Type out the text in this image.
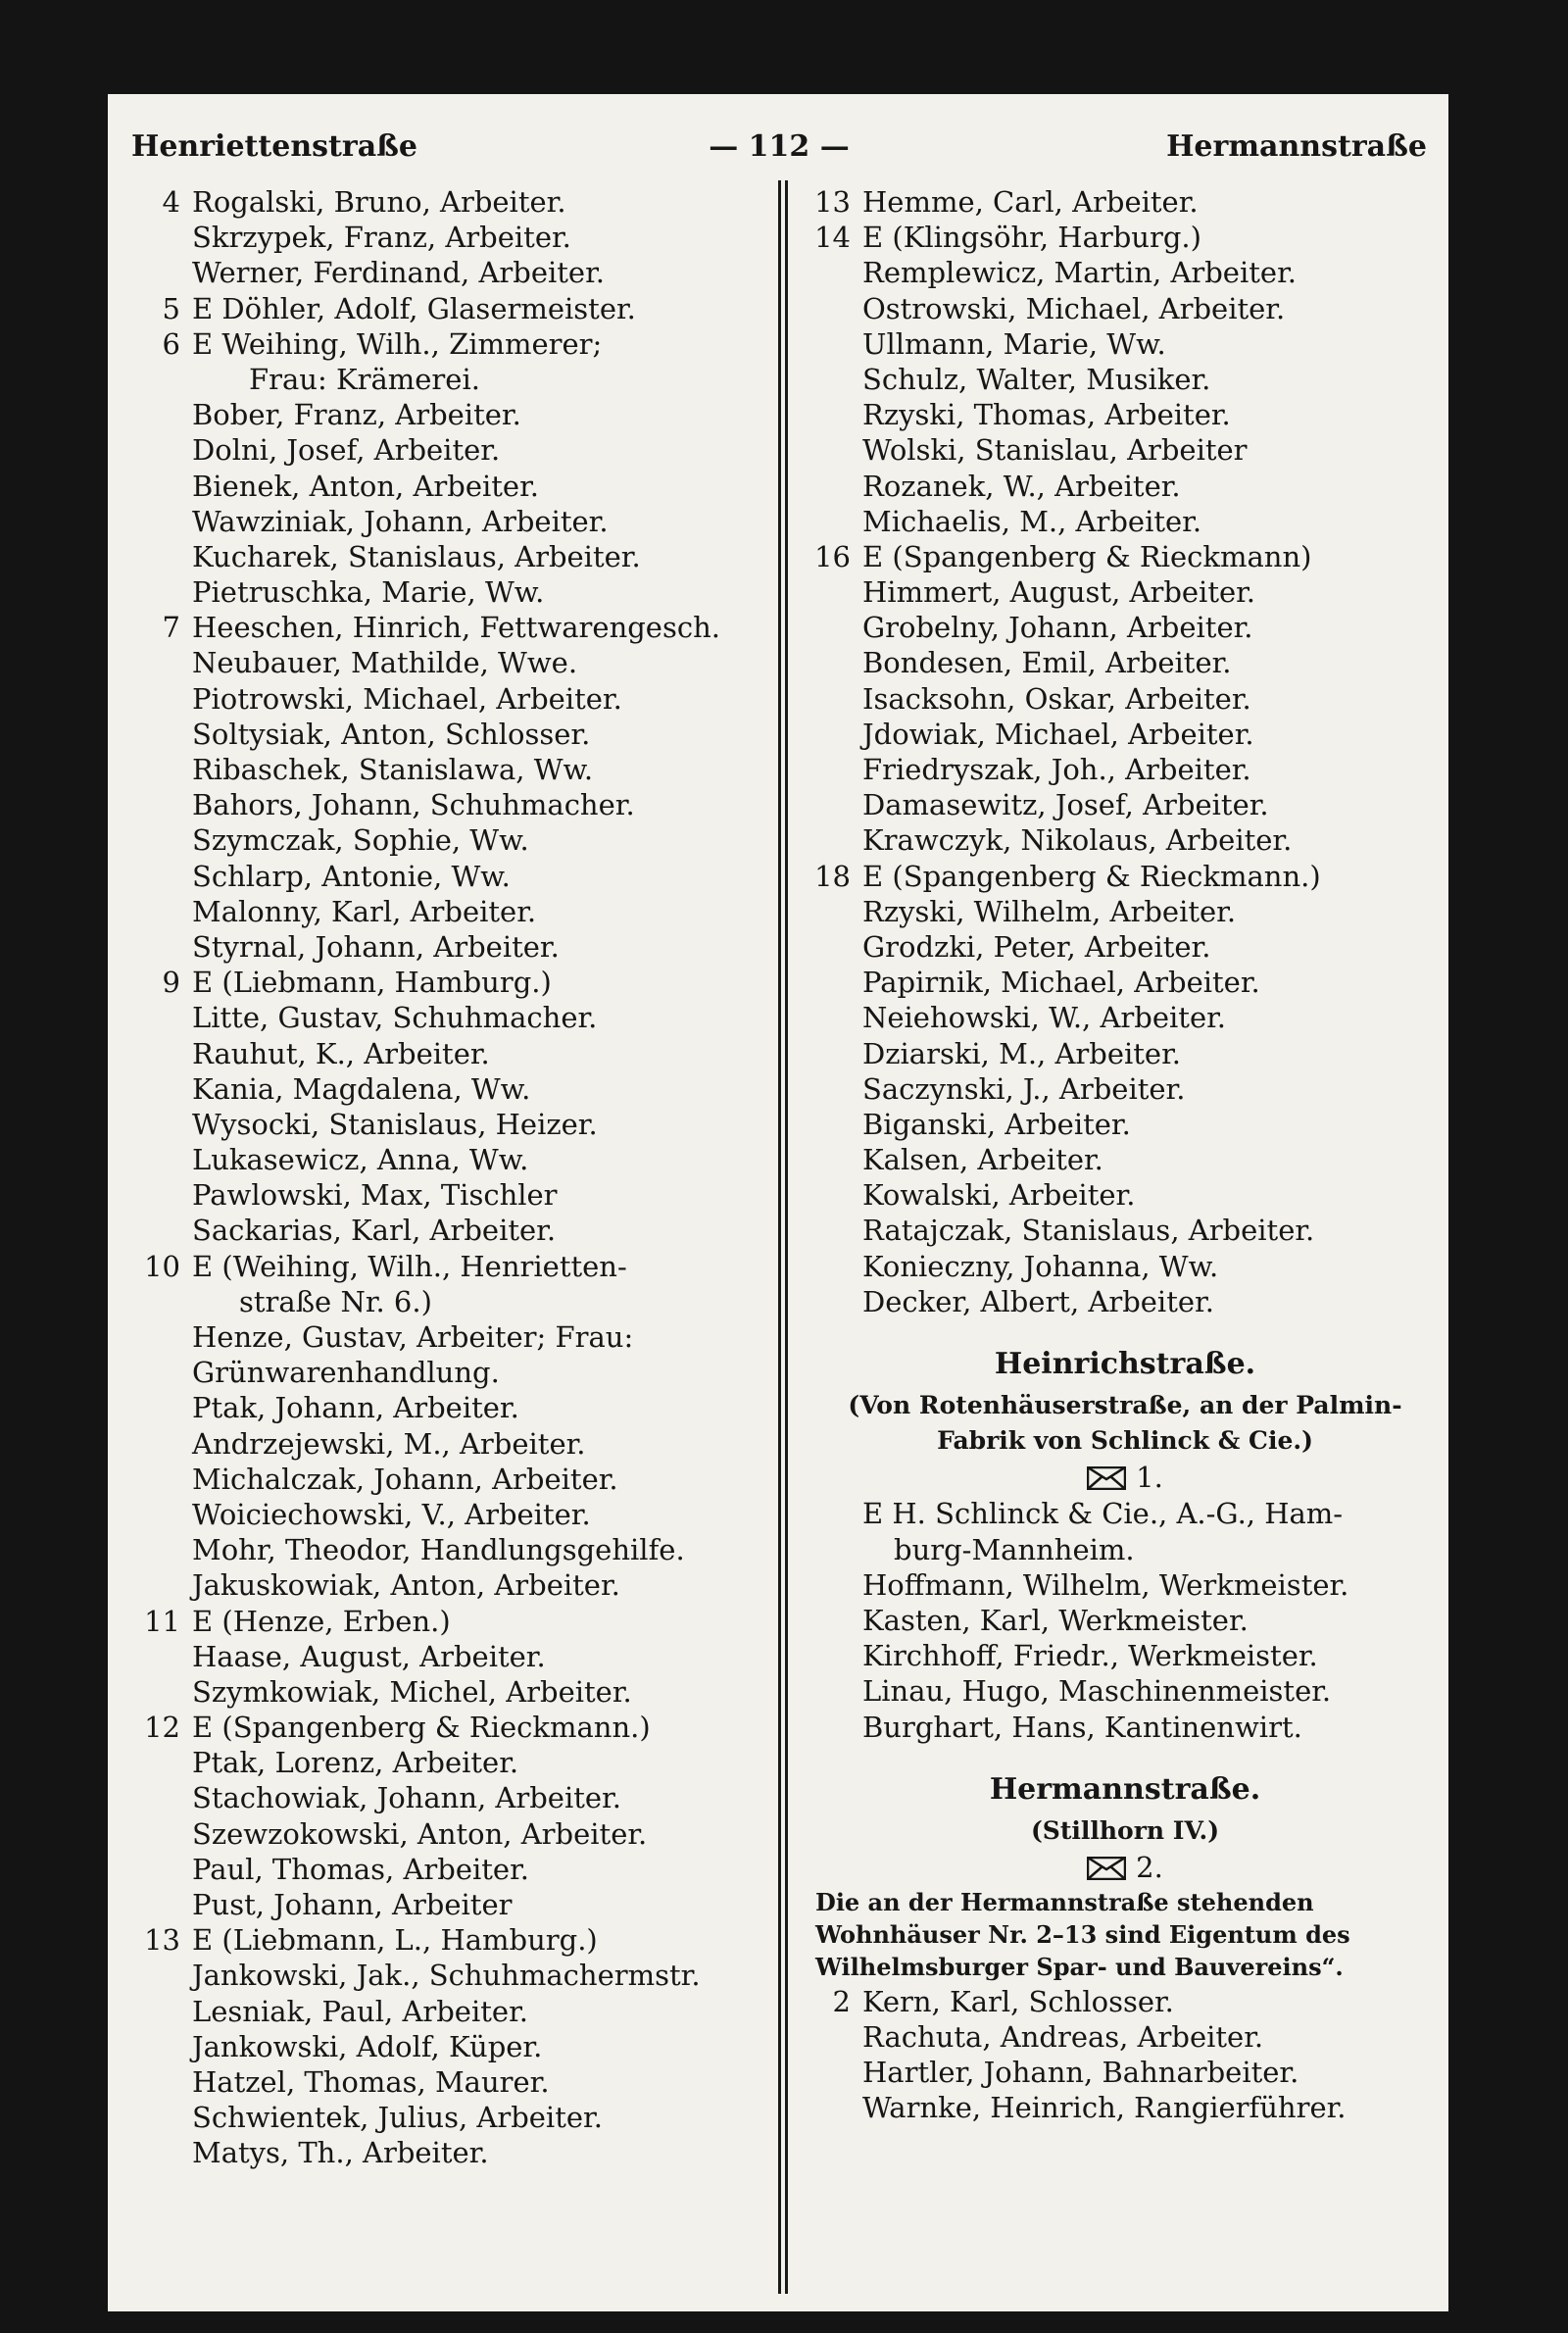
Henriettenstraße	— 112 —	Hermannstraße
4 Rogalski, Bruno, Arbeiter.
Skrzypek, Franz, Arbeiter.
Werner, Ferdinand, Arbeiter.
5 E Döhler, Adolf, Glasermeister.
6 E Weihing, Wilh., Zimmerer;
Frau: Krämerei.
Bober, Franz, Arbeiter.
Dolni, Josef, Arbeiter.
Bienek, Anton, Arbeiter.
Wawziniak, Johann, Arbeiter.
Kucharek, Stanislaus, Arbeiter.
Pietruschka, Marie, Ww.
7 Heeschen, Hinrich, Fettwarengesch.
Neubauer, Mathilde, Wwe.
Piotrowski, Michael, Arbeiter.
Soltysiak, Anton, Schlosser.
Ribaschek, Stanislawa, Ww.
Bahors, Johann, Schuhmacher.
Szymczak, Sophie, Ww.
Schlarp, Antonie, Ww.
Malonny, Karl, Arbeiter.
Styrnal, Johann, Arbeiter.
9 E (Liebmann, Hamburg.)
Litte, Gustav, Schuhmacher.
Rauhut, K., Arbeiter.
Kania, Magdalena, Ww.
Wysocki, Stanislaus, Heizer.
Lukasewicz, Anna, Ww.
Pawlowski, Max, Tischler
Sackarias, Karl, Arbeiter.
10 E (Weihing, Wilh., Henrietten-
straße Nr. 6.)
Henze, Gustav, Arbeiter; Frau:
Grünwarenhandlung.
Ptak, Johann, Arbeiter.
Andrzejewski, M., Arbeiter.
Michalczak, Johann, Arbeiter.
Woiciechowski, V., Arbeiter.
Mohr, Theodor, Handlungsgehilfe.
Jakuskowiak, Anton, Arbeiter.
11 E (Henze, Erben.)
Haase, August, Arbeiter.
Szymkowiak, Michel, Arbeiter.
12 E (Spangenberg & Rieckmann.)
Ptak, Lorenz, Arbeiter.
Stachowiak, Johann, Arbeiter.
Szewzokowski, Anton, Arbeiter.
Paul, Thomas, Arbeiter.
Pust, Johann, Arbeiter
13 E (Liebmann, L., Hamburg.)
Jankowski, Jak., Schuhmachermstr.
Lesniak, Paul, Arbeiter.
Jankowski, Adolf, Küper.
Hatzel, Thomas, Maurer.
Schwientek, Julius, Arbeiter.
Matys, Th., Arbeiter.
13 Hemme, Carl, Arbeiter.
14 E (Klingsöhr, Harburg.)
Remplewicz, Martin, Arbeiter.
Ostrowski, Michael, Arbeiter.
Ullmann, Marie, Ww.
Schulz, Walter, Musiker.
Rzyski, Thomas, Arbeiter.
Wolski, Stanislau, Arbeiter
Rozanek, W., Arbeiter.
Michaelis, M., Arbeiter.
16 E (Spangenberg & Rieckmann)
Himmert, August, Arbeiter.
Grobelny, Johann, Arbeiter.
Bondesen, Emil, Arbeiter.
Isacksohn, Oskar, Arbeiter.
Jdowiak, Michael, Arbeiter.
Friedryszak, Joh., Arbeiter.
Damasewitz, Josef, Arbeiter.
Krawczyk, Nikolaus, Arbeiter.
18 E (Spangenberg & Rieckmann.)
Rzyski, Wilhelm, Arbeiter.
Grodzki, Peter, Arbeiter.
Papirnik, Michael, Arbeiter.
Neiehowski, W., Arbeiter.
Dziarski, M., Arbeiter.
Saczynski, J., Arbeiter.
Biganski, Arbeiter.
Kalsen, Arbeiter.
Kowalski, Arbeiter.
Ratajczak, Stanislaus, Arbeiter.
Konieczny, Johanna, Ww.
Decker, Albert, Arbeiter.
Heinrichstraße.
(Von Rotenhäuserstraße, an der Palmin-
Fabrik von Schlinck & Cie.)
1.
E H. Schlinck & Cie., A.-G., Ham-
burg-Mannheim.
Hoffmann, Wilhelm, Werkmeister.
Kasten, Karl, Werkmeister.
Kirchhoff, Friedr., Werkmeister.
Linau, Hugo, Maschinenmeister.
Burghart, Hans, Kantinenwirt.
Hermannstraße.
(Stillhorn IV.)
2.
Die an der Hermannstraße stehenden Wohnhäuser Nr. 2–13 sind Eigentum des Wilhelmsburger Spar- und Bauvereins“.
2 Kern, Karl, Schlosser.
Rachuta, Andreas, Arbeiter.
Hartler, Johann, Bahnarbeiter.
Warnke, Heinrich, Rangierführer.
